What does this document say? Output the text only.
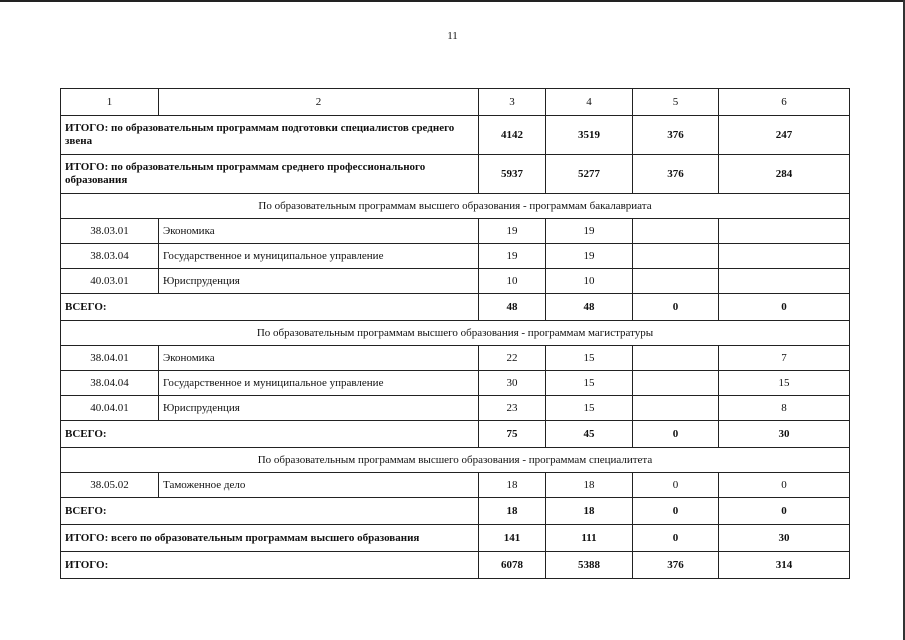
11
1	2	3	4	5	6
ИТОГО: по образовательным программам подготовки специалистов среднего звена		4142	3519	376	247
ИТОГО: по образовательным программам среднего профессионального образования		5937	5277	376	284
По образовательным программам высшего образования - программам бакалавриата					
38.03.01	Экономика	19	19		
38.03.04	Государственное и муниципальное управление	19	19		
40.03.01	Юриспруденция	10	10		
ВСЕГО:		48	48	0	0
По образовательным программам высшего образования - программам магистратуры					
38.04.01	Экономика	22	15		7
38.04.04	Государственное и муниципальное управление	30	15		15
40.04.01	Юриспруденция	23	15		8
ВСЕГО:		75	45	0	30
По образовательным программам высшего образования - программам специалитета					
38.05.02	Таможенное дело	18	18	0	0
ВСЕГО:		18	18	0	0
ИТОГО: всего по образовательным программам высшего образования		141	111	0	30
ИТОГО:		6078	5388	376	314
